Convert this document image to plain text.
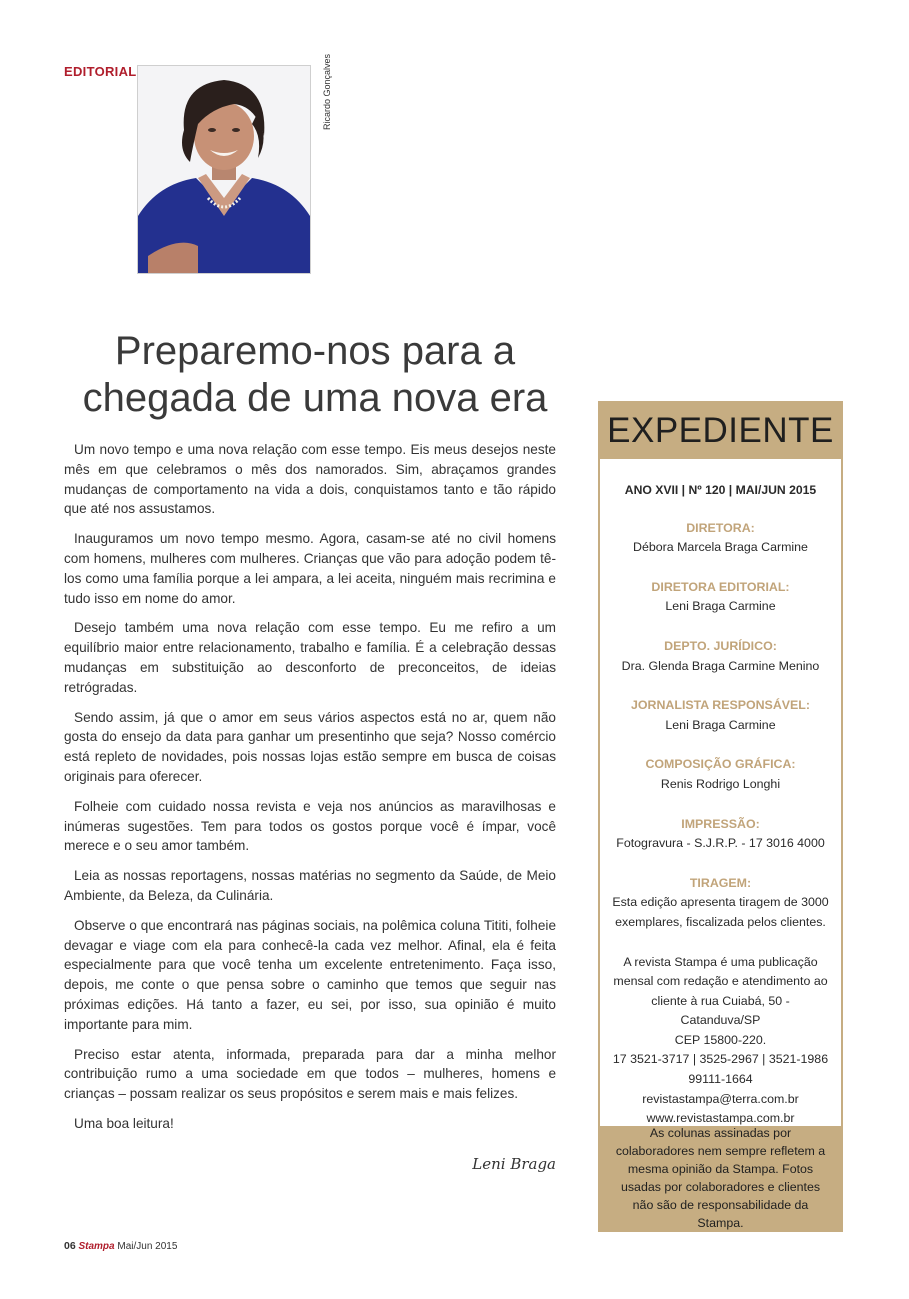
EDITORIAL	Ricardo Gonçalves
Preparemo-nos para a
chegada de uma nova era

Um novo tempo e uma nova relação com esse tempo. Eis meus desejos neste mês em que celebramos o mês dos namorados. Sim, abraçamos grandes mudanças de comportamento na vida a dois, conquistamos tanto e tão rápido que até nos assustamos.

Inauguramos um novo tempo mesmo. Agora, casam-se até no civil homens com homens, mulheres com mulheres. Crianças que vão para adoção podem tê-los como uma família porque a lei ampara, a lei aceita, ninguém mais recrimina e tudo isso em nome do amor.

Desejo também uma nova relação com esse tempo. Eu me refiro a um equilíbrio maior entre relacionamento, trabalho e família. É a celebração dessas mudanças em substituição ao desconforto de preconceitos, de ideias retrógradas.

Sendo assim, já que o amor em seus vários aspectos está no ar, quem não gosta do ensejo da data para ganhar um presentinho que seja? Nosso comércio está repleto de novidades, pois nossas lojas estão sempre em busca de coisas originais para oferecer.

Folheie com cuidado nossa revista e veja nos anúncios as maravilhosas e inúmeras sugestões. Tem para todos os gostos porque você é ímpar, você merece e o seu amor também.

Leia as nossas reportagens, nossas matérias no segmento da Saúde, de Meio Ambiente, da Beleza, da Culinária.

Observe o que encontrará nas páginas sociais, na polêmica coluna Tititi, folheie devagar e viage com ela para conhecê-la cada vez melhor. Afinal, ela é feita especialmente para que você tenha um excelente entretenimento. Faça isso, depois, me conte o que pensa sobre o caminho que temos que seguir nas próximas edições. Há tanto a fazer, eu sei, por isso, sua opinião é muito importante para mim.

Preciso estar atenta, informada, preparada para dar a minha melhor contribuição rumo a uma sociedade em que todos – mulheres, homens e crianças – possam realizar os seus propósitos e serem mais e mais felizes.

Uma boa leitura!

Leni Braga
06 Stampa Mai/Jun 2015
EXPEDIENTE
ANO XVII | Nº 120 | MAI/JUN 2015
DIRETORA:
Débora Marcela Braga Carmine
DIRETORA EDITORIAL:
Leni Braga Carmine
DEPTO. JURÍDICO:
Dra. Glenda Braga Carmine Menino
JORNALISTA RESPONSÁVEL:
Leni Braga Carmine
COMPOSIÇÃO GRÁFICA:
Renis Rodrigo Longhi
IMPRESSÃO:
Fotogravura - S.J.R.P. - 17 3016 4000
TIRAGEM:
Esta edição apresenta tiragem de 3000 exemplares, fiscalizada pelos clientes.
A revista Stampa é uma publicação
mensal com redação e atendimento ao
cliente à rua Cuiabá, 50 - Catanduva/SP
CEP 15800-220.
17 3521-3717 | 3525-2967 | 3521-1986
99111-1664
revistastampa@terra.com.br
www.revistastampa.com.br
As colunas assinadas por colaboradores nem sempre refletem a mesma opinião da Stampa. Fotos usadas por colaboradores e clientes não são de responsabilidade da Stampa.
